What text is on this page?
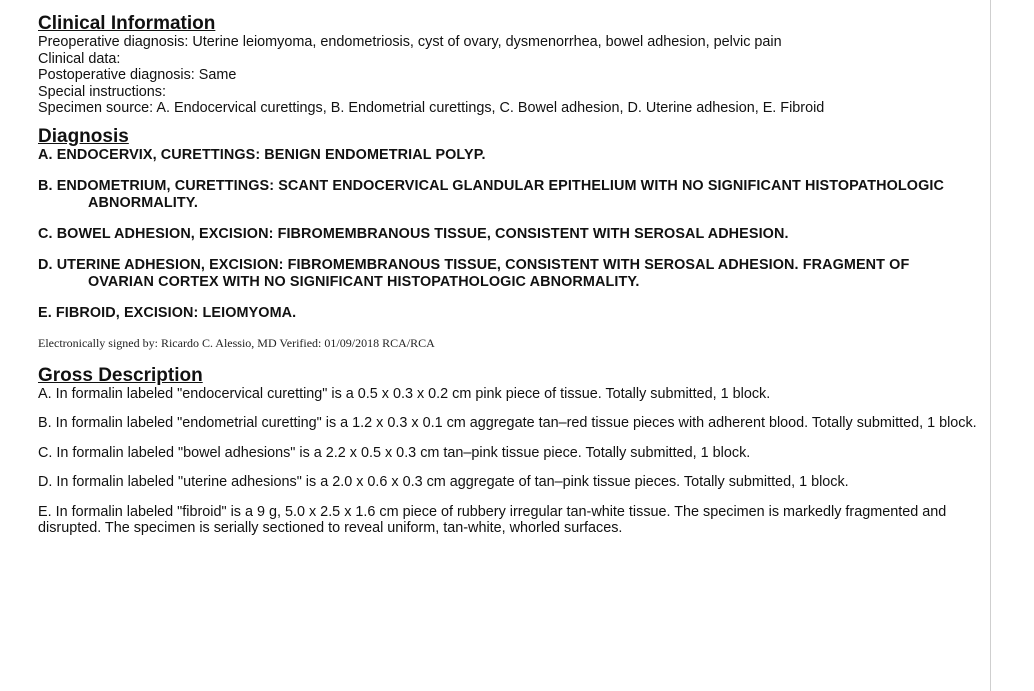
Clinical Information

Preoperative diagnosis: Uterine leiomyoma, endometriosis, cyst of ovary, dysmenorrhea, bowel adhesion, pelvic pain

Clinical data:

Postoperative diagnosis: Same

Special instructions:

Specimen source: A. Endocervical curettings, B. Endometrial curettings, C. Bowel adhesion, D. Uterine adhesion, E. Fibroid

Diagnosis

A. ENDOCERVIX, CURETTINGS: BENIGN ENDOMETRIAL POLYP.

B. ENDOMETRIUM, CURETTINGS: SCANT ENDOCERVICAL GLANDULAR EPITHELIUM WITH NO SIGNIFICANT HISTOPATHOLOGIC ABNORMALITY.

C. BOWEL ADHESION, EXCISION: FIBROMEMBRANOUS TISSUE, CONSISTENT WITH SEROSAL ADHESION.

D. UTERINE ADHESION, EXCISION: FIBROMEMBRANOUS TISSUE, CONSISTENT WITH SEROSAL ADHESION. FRAGMENT OF OVARIAN CORTEX WITH NO SIGNIFICANT HISTOPATHOLOGIC ABNORMALITY.

E. FIBROID, EXCISION: LEIOMYOMA.

Electronically signed by: Ricardo C. Alessio, MD Verified: 01/09/2018 RCA/RCA

Gross Description

A. In formalin labeled "endocervical curetting" is a 0.5 x 0.3 x 0.2 cm pink piece of tissue. Totally submitted, 1 block.

B. In formalin labeled "endometrial curetting" is a 1.2 x 0.3 x 0.1 cm aggregate tan–red tissue pieces with adherent blood. Totally submitted, 1 block.

C. In formalin labeled "bowel adhesions" is a 2.2 x 0.5 x 0.3 cm tan–pink tissue piece. Totally submitted, 1 block.

D. In formalin labeled "uterine adhesions" is a 2.0 x 0.6 x 0.3 cm aggregate of tan–pink tissue pieces. Totally submitted, 1 block.

E. In formalin labeled "fibroid" is a 9 g, 5.0 x 2.5 x 1.6 cm piece of rubbery irregular tan-white tissue. The specimen is markedly fragmented and disrupted. The specimen is serially sectioned to reveal uniform, tan-white, whorled surfaces.
